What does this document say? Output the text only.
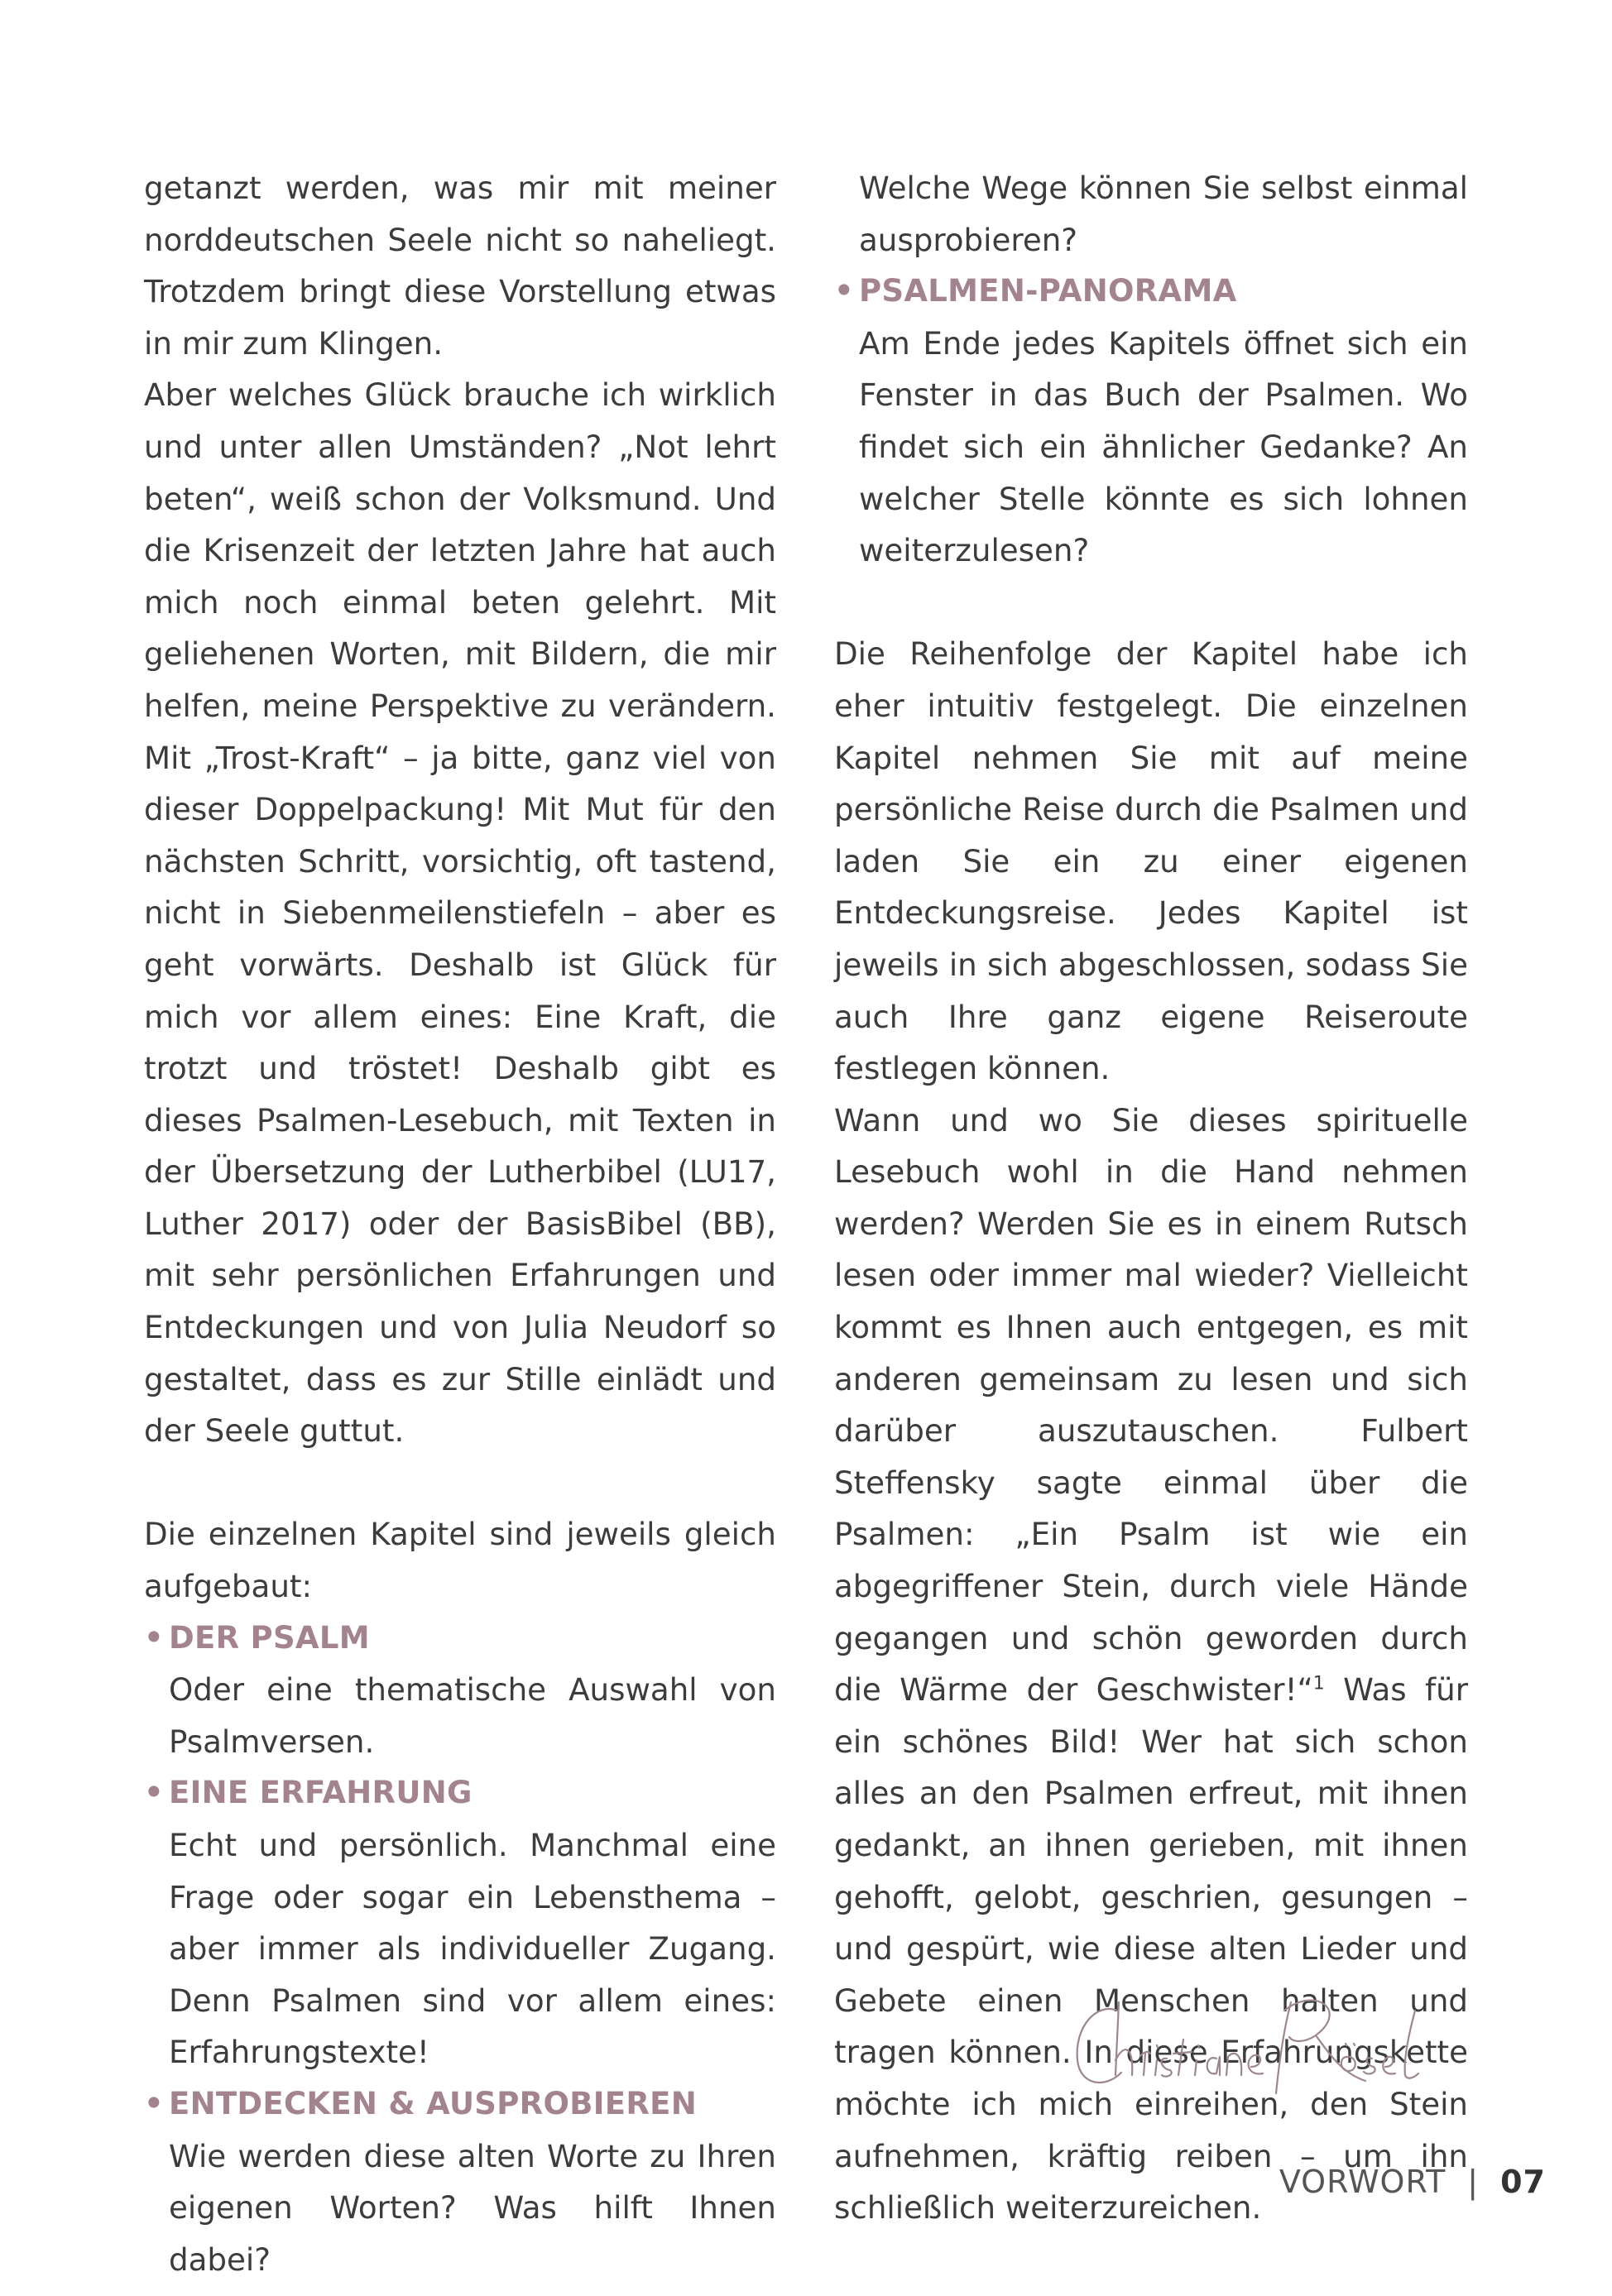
getanzt werden, was mir mit meiner norddeutschen Seele nicht so naheliegt. Trotzdem bringt diese Vorstellung etwas in mir zum Klingen.

Aber welches Glück brauche ich wirklich und unter allen Umständen? „Not lehrt beten“, weiß schon der Volksmund. Und die Krisenzeit der letzten Jahre hat auch mich noch einmal beten gelehrt. Mit geliehenen Worten, mit Bildern, die mir helfen, meine Perspektive zu verändern. Mit „Trost-Kraft“ – ja bitte, ganz viel von dieser Doppelpackung! Mit Mut für den nächsten Schritt, vorsichtig, oft tastend, nicht in Siebenmeilenstiefeln – aber es geht vorwärts. Deshalb ist Glück für mich vor allem eines: Eine Kraft, die trotzt und tröstet! Deshalb gibt es dieses Psalmen-Lesebuch, mit Texten in der Übersetzung der Lutherbibel (LU17, Luther 2017) oder der BasisBibel (BB), mit sehr persönlichen Erfahrungen und Entdeckungen und von Julia Neudorf so gestaltet, dass es zur Stille einlädt und der Seele guttut.

Die einzelnen Kapitel sind jeweils gleich aufgebaut:

• DER PSALM

Oder eine thematische Auswahl von Psalmversen.

• EINE ERFAHRUNG

Echt und persönlich. Manchmal eine Frage oder sogar ein Lebensthema – aber immer als individueller Zugang. Denn Psalmen sind vor allem eines: Erfahrungstexte!

• ENTDECKEN & AUSPROBIEREN

Wie werden diese alten Worte zu Ihren eigenen Worten? Was hilft Ihnen dabei?

Welche Wege können Sie selbst einmal ausprobieren?

• PSALMEN-PANORAMA

Am Ende jedes Kapitels öffnet sich ein Fenster in das Buch der Psalmen. Wo findet sich ein ähnlicher Gedanke? An welcher Stelle könnte es sich lohnen weiterzulesen?

Die Reihenfolge der Kapitel habe ich eher intuitiv festgelegt. Die einzelnen Kapitel nehmen Sie mit auf meine persönliche Reise durch die Psalmen und laden Sie ein zu einer eigenen Entdeckungsreise. Jedes Kapitel ist jeweils in sich abgeschlossen, sodass Sie auch Ihre ganz eigene Reiseroute festlegen können.

Wann und wo Sie dieses spirituelle Lesebuch wohl in die Hand nehmen werden? Werden Sie es in einem Rutsch lesen oder immer mal wieder? Vielleicht kommt es Ihnen auch entgegen, es mit anderen gemeinsam zu lesen und sich darüber auszutauschen. Fulbert Steffensky sagte einmal über die Psalmen: „Ein Psalm ist wie ein abgegriffener Stein, durch viele Hände gegangen und schön geworden durch die Wärme der Geschwister!“$^1$ Was für ein schönes Bild! Wer hat sich schon alles an den Psalmen erfreut, mit ihnen gedankt, an ihnen gerieben, mit ihnen gehofft, gelobt, geschrien, gesungen – und gespürt, wie diese alten Lieder und Gebete einen Menschen halten und tragen können. In diese Erfahrungskette möchte ich mich einreihen, den Stein aufnehmen, kräftig reiben – um ihn schließlich weiterzureichen.

VORWORT | 07
